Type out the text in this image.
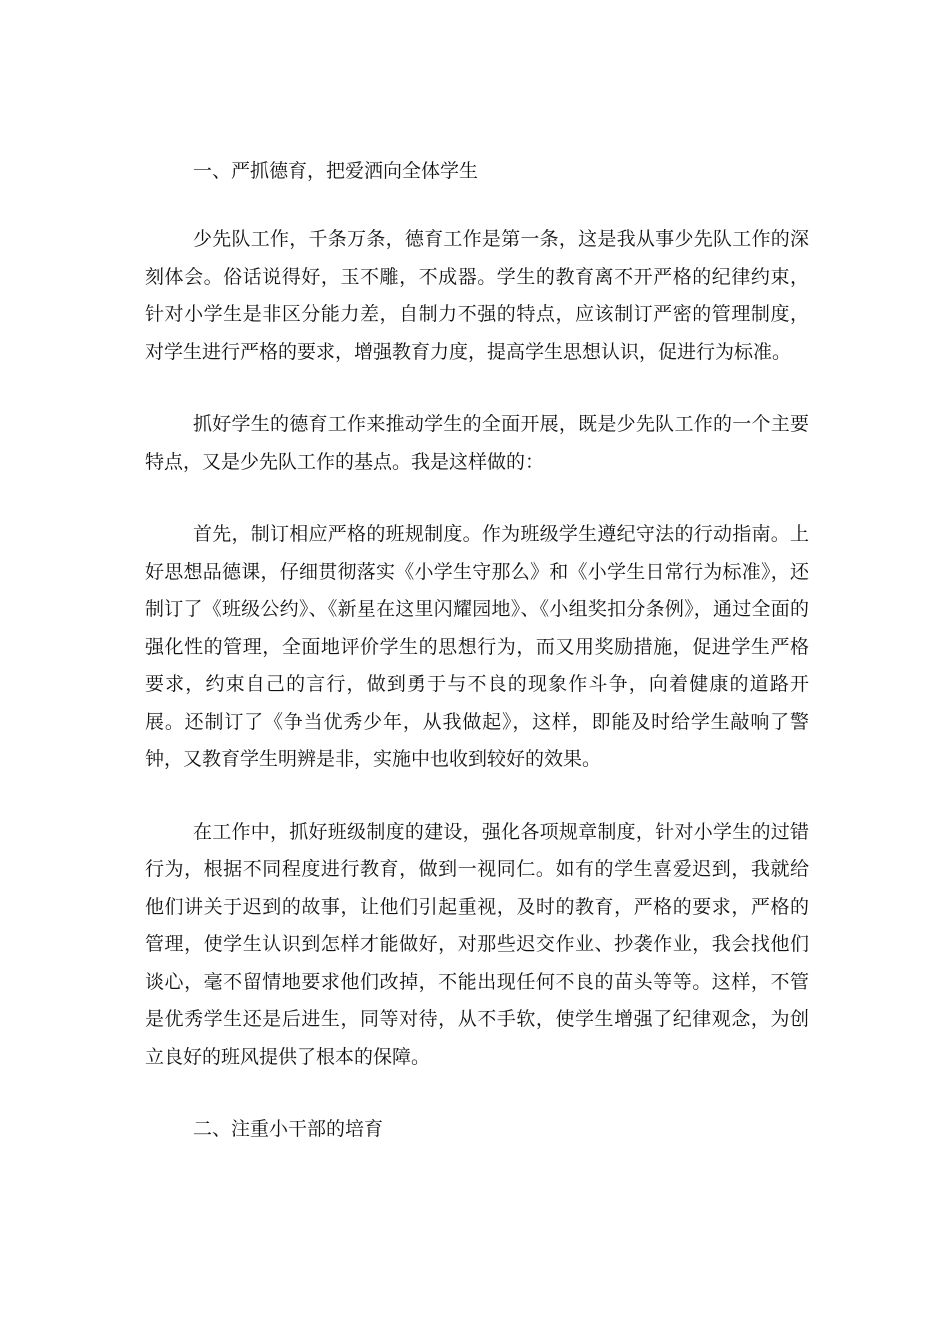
一、严抓德育，把爱洒向全体学生

少先队工作，千条万条，德育工作是第一条，这是我从事少先队工作的深刻体会。俗话说得好，玉不雕，不成器。学生的教育离不开严格的纪律约束，针对小学生是非区分能力差，自制力不强的特点，应该制订严密的管理制度，对学生进行严格的要求，增强教育力度，提高学生思想认识，促进行为标准。

抓好学生的德育工作来推动学生的全面开展，既是少先队工作的一个主要特点，又是少先队工作的基点。我是这样做的：

首先，制订相应严格的班规制度。作为班级学生遵纪守法的行动指南。上好思想品德课，仔细贯彻落实《小学生守那么》和《小学生日常行为标准》，还制订了《班级公约》、《新星在这里闪耀园地》、《小组奖扣分条例》，通过全面的强化性的管理，全面地评价学生的思想行为，而又用奖励措施，促进学生严格要求，约束自己的言行，做到勇于与不良的现象作斗争，向着健康的道路开展。还制订了《争当优秀少年，从我做起》，这样，即能及时给学生敲响了警钟，又教育学生明辨是非，实施中也收到较好的效果。

在工作中，抓好班级制度的建设，强化各项规章制度，针对小学生的过错行为，根据不同程度进行教育，做到一视同仁。如有的学生喜爱迟到，我就给他们讲关于迟到的故事，让他们引起重视，及时的教育，严格的要求，严格的管理，使学生认识到怎样才能做好，对那些迟交作业、抄袭作业，我会找他们谈心，毫不留情地要求他们改掉，不能出现任何不良的苗头等等。这样，不管是优秀学生还是后进生，同等对待，从不手软，使学生增强了纪律观念，为创立良好的班风提供了根本的保障。

二、注重小干部的培育
